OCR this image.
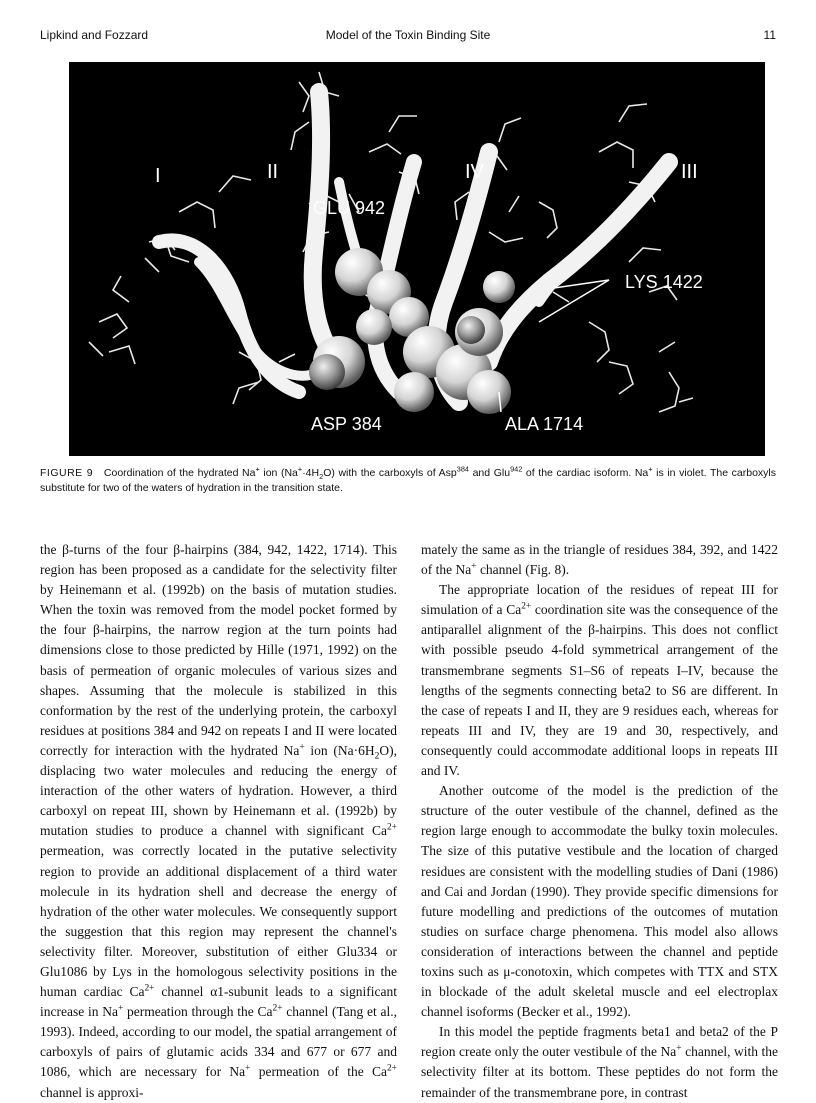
Lipkind and Fozzard	Model of the Toxin Binding Site	11
I	II	IV	III
GLU 942
LYS 1422
ASP 384	ALA 1714
FIGURE 9 Coordination of the hydrated Na+ ion $(Na^+\cdot 4H_2O)$ with the carboxyls of Asp$^{384}$ and Glu$^{942}$ of the cardiac isoform. Na+ is in violet. The carboxyls substitute for two of the waters of hydration in the transition state.

the β-turns of the four β-hairpins (384, 942, 1422, 1714). This region has been proposed as a candidate for the selectivity filter by Heinemann et al. (1992b) on the basis of mutation studies. When the toxin was removed from the model pocket formed by the four β-hairpins, the narrow region at the turn points had dimensions close to those predicted by Hille (1971, 1992) on the basis of permeation of organic molecules of various sizes and shapes. Assuming that the molecule is stabilized in this conformation by the rest of the underlying protein, the carboxyl residues at positions 384 and 942 on repeats I and II were located correctly for interaction with the hydrated Na+ ion $(Na\cdot 6H_2O)$, displacing two water molecules and reducing the energy of interaction of the other waters of hydration. However, a third carboxyl on repeat III, shown by Heinemann et al. (1992b) by mutation studies to produce a channel with significant $Ca^{2+}$ permeation, was correctly located in the putative selectivity region to provide an additional displacement of a third water molecule in its hydration shell and decrease the energy of hydration of the other water molecules. We consequently support the suggestion that this region may represent the channel's selectivity filter. Moreover, substitution of either Glu334 or Glu1086 by Lys in the homologous selectivity positions in the human cardiac $Ca^{2+}$ channel α1-subunit leads to a significant increase in Na+ permeation through the $Ca^{2+}$ channel (Tang et al., 1993). Indeed, according to our model, the spatial arrangement of carboxyls of pairs of glutamic acids 334 and 677 or 677 and 1086, which are necessary for Na+ permeation of the $Ca^{2+}$ channel is approxi-

mately the same as in the triangle of residues 384, 392, and 1422 of the Na+ channel (Fig. 8).

The appropriate location of the residues of repeat III for simulation of a $Ca^{2+}$ coordination site was the consequence of the antiparallel alignment of the β-hairpins. This does not conflict with possible pseudo 4-fold symmetrical arrangement of the transmembrane segments S1–S6 of repeats I–IV, because the lengths of the segments connecting beta2 to S6 are different. In the case of repeats I and II, they are 9 residues each, whereas for repeats III and IV, they are 19 and 30, respectively, and consequently could accommodate additional loops in repeats III and IV.

Another outcome of the model is the prediction of the structure of the outer vestibule of the channel, defined as the region large enough to accommodate the bulky toxin molecules. The size of this putative vestibule and the location of charged residues are consistent with the modelling studies of Dani (1986) and Cai and Jordan (1990). They provide specific dimensions for future modelling and predictions of the outcomes of mutation studies on surface charge phenomena. This model also allows consideration of interactions between the channel and peptide toxins such as μ-conotoxin, which competes with TTX and STX in blockade of the adult skeletal muscle and eel electroplax channel isoforms (Becker et al., 1992).

In this model the peptide fragments beta1 and beta2 of the P region create only the outer vestibule of the Na+ channel, with the selectivity filter at its bottom. These peptides do not form the remainder of the transmembrane pore, in contrast
